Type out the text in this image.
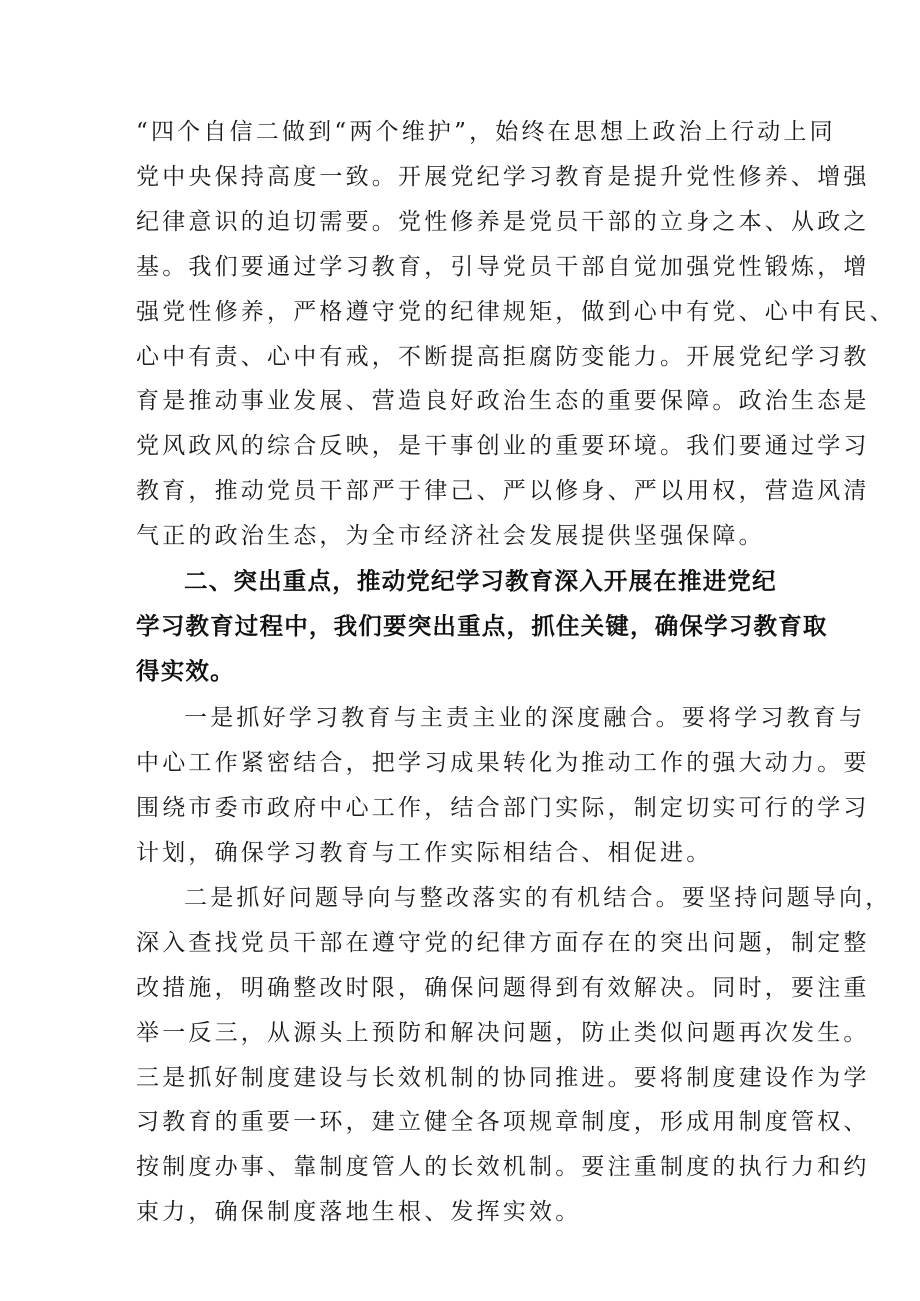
“四个自信二做到“两个维护”，始终在思想上政治上行动上同
党中央保持高度一致。开展党纪学习教育是提升党性修养、增强
纪律意识的迫切需要。党性修养是党员干部的立身之本、从政之
基。我们要通过学习教育，引导党员干部自觉加强党性锻炼，增
强党性修养，严格遵守党的纪律规矩，做到心中有党、心中有民、
心中有责、心中有戒，不断提高拒腐防变能力。开展党纪学习教
育是推动事业发展、营造良好政治生态的重要保障。政治生态是
党风政风的综合反映，是干事创业的重要环境。我们要通过学习
教育，推动党员干部严于律己、严以修身、严以用权，营造风清
气正的政治生态，为全市经济社会发展提供坚强保障。
二、突出重点，推动党纪学习教育深入开展在推进党纪
学习教育过程中，我们要突出重点，抓住关键，确保学习教育取
得实效。
一是抓好学习教育与主责主业的深度融合。要将学习教育与
中心工作紧密结合，把学习成果转化为推动工作的强大动力。要
围绕市委市政府中心工作，结合部门实际，制定切实可行的学习
计划，确保学习教育与工作实际相结合、相促进。
二是抓好问题导向与整改落实的有机结合。要坚持问题导向，
深入查找党员干部在遵守党的纪律方面存在的突出问题，制定整
改措施，明确整改时限，确保问题得到有效解决。同时，要注重
举一反三，从源头上预防和解决问题，防止类似问题再次发生。
三是抓好制度建设与长效机制的协同推进。要将制度建设作为学
习教育的重要一环，建立健全各项规章制度，形成用制度管权、
按制度办事、靠制度管人的长效机制。要注重制度的执行力和约
束力，确保制度落地生根、发挥实效。
